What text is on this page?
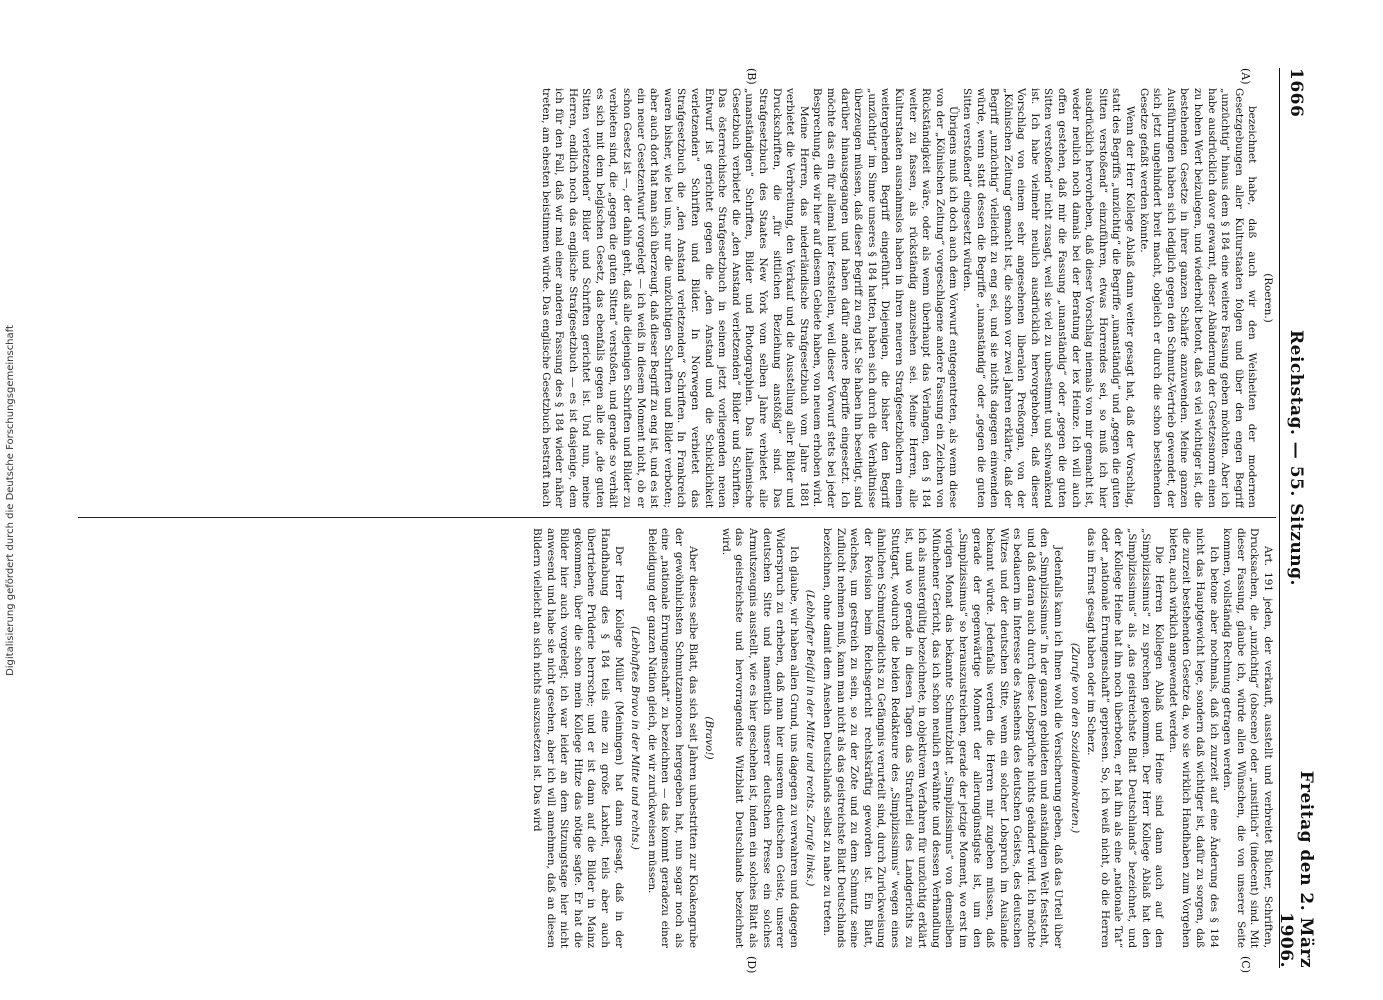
Digitalisierung gefördert durch die Deutsche Forschungsgemeinschaft
1666
Reichstag. — 55. Sitzung.
Freitag den 2. März 1906.
(A)
(B)
(C)
(D)

(Roeren.)

bezeichnet habe, daß auch wir den Weisheiten der modernen Gesetzgebungen aller Kulturstaaten folgen und über den engen Begriff „unzüchtig“ hinaus dem § 184 eine weitere Fassung geben möchten. Aber ich habe ausdrücklich davor gewarnt, dieser Abänderung der Gesetzesnorm einen zu hohen Wert beizulegen, und wiederholt betont, daß es viel wichtiger ist, die bestehenden Gesetze in ihrer ganzen Schärfe anzuwenden. Meine ganzen Ausführungen haben sich lediglich gegen den Schmutz-Vertrieb gewendet, der sich jetzt ungehindert breit macht, obgleich er durch die schon bestehenden Gesetze gefaßt werden könnte.

Wenn der Herr Kollege Ablaß dann weiter gesagt hat, daß der Vorschlag, statt des Begriffs „unzüchtig“ die Begriffe „unanständig“ und „gegen die guten Sitten verstoßend“ einzuführen, etwas Horrendes sei, so muß ich hier ausdrücklich hervorheben, daß dieser Vorschlag niemals von mir gemacht ist, weder neulich noch damals bei der Beratung der lex Heinze. Ich will auch offen gestehen, daß mir die Fassung „unanständig“ oder „gegen die guten Sitten verstoßend“ nicht zusagt, weil sie viel zu unbestimmt und schwankend ist. Ich habe vielmehr neulich ausdrücklich hervorgehoben, daß dieser Vorschlag von einem sehr angesehenen liberalen Preßorgan, von der „Kölnischen Zeitung“ gemacht ist, die schon vor zwei Jahren erklärte, daß der Begriff „unzüchtig“ vielleicht zu eng sei, und sie nichts dagegen einwenden würde, wenn statt dessen die Begriffe „unanständig“ oder „gegen die guten Sitten verstoßend“ eingesetzt würden.

Übrigens muß ich doch auch dem Vorwurf entgegentreten, als wenn diese von der „Kölnischen Zeitung“ vorgeschlagene andere Fassung ein Zeichen von Rückständigkeit wäre, oder als wenn überhaupt das Verlangen, den § 184 weiter zu fassen, als rückständig anzusehen sei. Meine Herren, alle Kulturstaaten ausnahmslos haben in ihren neueren Strafgesetzbüchern einen weitergehenden Begriff eingeführt. Diejenigen, die bisher den Begriff „unzüchtig“ im Sinne unseres § 184 hatten, haben sich durch die Verhältnisse überzeugen müssen, daß dieser Begriff zu eng ist. Sie haben ihn beseitigt, sind darüber hinausgegangen und haben dafür andere Begriffe eingesetzt. Ich möchte das ein für allemal hier feststellen, weil dieser Vorwurf stets bei jeder Besprechung, die wir hier auf diesem Gebiete haben, von neuem erhoben wird.

Meine Herren, das niederländische Strafgesetzbuch vom Jahre 1881 verbietet die Verbreitung, den Verkauf und die Ausstellung aller Bilder und Druckschriften, die „für sittlichen Beziehung anstößig“ sind. Das Strafgesetzbuch des Staates New York vom selben Jahre verbietet alle „unanständigen“ Schriften, Bilder und Photographien. Das italienische Gesetzbuch verbietet die „den Anstand verletzenden“ Bilder und Schriften. Das österreichische Strafgesetzbuch in seinem jetzt vorliegenden neuen Entwurf ist gerichtet gegen die „den Anstand und die Schicklichkeit verletzenden“ Schriften und Bilder. In Norwegen verbietet das Strafgesetzbuch die „den Anstand verletzenden“ Schriften. In Frankreich waren bisher, wie bei uns, nur die unzüchtigen Schriften und Bilder verboten; aber auch dort hat man sich überzeugt, daß dieser Begriff zu eng ist, und es ist ein neuer Gesetzentwurf vorgelegt — ich weiß in diesem Moment nicht, ob er schon Gesetz ist —, der dahin geht, daß alle diejenigen Schriften und Bilder zu verbieten sind, die „gegen die guten Sitten“ verstoßen, und gerade so verhält es sich mit dem belgischen Gesetz, das ebenfalls gegen alle die „die guten Sitten verletzenden“ Bilder und Schriften gerichtet ist. Und nun, meine Herren, endlich noch das englische Strafgesetzbuch — es ist dasjenige, dem ich für den Fall, daß wir mal einer anderen Fassung des § 184 wieder näher treten, am ehesten beistimmen würde. Das englische Gesetzbuch bestraft nach

Art. 191 jeden, der verkauft, ausstellt und verbreitet Bücher, Schriften, Drucksachen, die „unzüchtig“ (obscene) oder „unsittlich“ (indecent) sind. Mit dieser Fassung, glaube ich, würde allen Wünschen, die von unserer Seite kommen, vollständig Rechnung getragen werden.

Ich betone aber nochmals, daß ich zurzeit auf eine Änderung des § 184 nicht das Hauptgewicht lege, sondern daß wichtiger ist, dafür zu sorgen, daß die zurzeit bestehenden Gesetze da, wo sie wirklich Handhaben zum Vorgehen bieten, auch wirklich angewendet werden.

Die Herren Kollegen Ablaß und Heine sind dann auch auf den „Simplizissimus“ zu sprechen gekommen. Der Herr Kollege Ablaß hat den „Simplizissimus“ als „das geistreichste Blatt Deutschlands“ bezeichnet, und der Kollege Heine hat ihn noch überboten, er hat ihn als eine „nationale Tat“ oder „nationale Errungenschaft“ gepriesen. So, ich weiß nicht, ob die Herren das im Ernst gesagt haben oder im Scherz.

(Zurufe von den Sozialdemokraten.)

Jedenfalls kann ich Ihnen wohl die Versicherung geben, daß das Urteil über den „Simplizissimus“ in der ganzen gebildeten und anständigen Welt feststeht, und daß daran auch durch diese Lobsprüche nichts geändert wird. Ich möchte es bedauern im Interesse des Ansehens des deutschen Geistes, des deutschen Witzes und der deutschen Sitte, wenn ein solcher Lobspruch im Auslande bekannt würde. Jedenfalls werden die Herren mir zugeben müssen, daß gerade der gegenwärtige Moment der allerungünstigste ist, um den „Simplizissimus“ so herauszustreichen, gerade der jetzige Moment, wo erst im vorigen Monat das bekannte Schmutzblatt „Simplizissimus“ von demselben Münchener Gericht, das ich schon neulich erwähnte und dessen Verhandlung ich als mustergültig bezeichnete, in objektivem Verfahren für unzüchtig erklärt ist, und wo gerade in diesen Tagen das Strafurteil des Landgerichts zu Stuttgart, wodurch die beiden Redakteure des „Simplizissimus“ wegen eines ähnlichen Schmutzgedichts zu Gefängnis verurteilt sind, durch Zurückweisung der Revision beim Reichsgericht rechtskräftig geworden ist. Ein Blatt, welches, um gestreich zu sein, so zu der Zote und zu dem Schmutz seine Zuflucht nehmen muß, kann man nicht als das geistreichste Blatt Deutschlands bezeichnen, ohne damit dem Ansehen Deutschlands selbst zu nahe zu treten.

(Lebhafter Beifall in der Mitte und rechts. Zurufe links.)

Ich glaube, wir haben allen Grund, uns dagegen zu verwahren und dagegen Widerspruch zu erheben, daß man hier unserem deutschen Geiste, unserer deutschen Sitte und namentlich unserer deutschen Presse ein solches Armutszeugnis ausstellt, wie es hier geschehen ist, indem ein solches Blatt als das geistreichste und hervorragendste Witzblatt Deutschlands bezeichnet wird.

(Bravo!)

Aber dieses selbe Blatt, das sich seit Jahren unbestritten zur Kloakengrube der gewöhnlichsten Schmutzannoncen hergegeben hat, nun sogar noch als eine „nationale Errungenschaft“ zu bezeichnen — das kommt geradezu einer Beleidigung der ganzen Nation gleich, die wir zurückweisen müssen.

(Lebhaftes Bravo in der Mitte und rechts.)

Der Herr Kollege Müller (Meiningen) hat dann gesagt, daß in der Handhabung des § 184 teils eine zu große Laxheit, teils aber auch übertriebene Prüderie herrsche; und er ist dann auf die Bilder in Mainz gekommen, über die schon mein Kollege Hitze das nötige sagte. Er hat die Bilder hier auch vorgelegt; ich war leider an dem Sitzungstage hier nicht anwesend und habe sie nicht gesehen, aber ich will annehmen, daß an diesen Bildern vielleicht an sich nichts auszusetzen ist. Das wird
